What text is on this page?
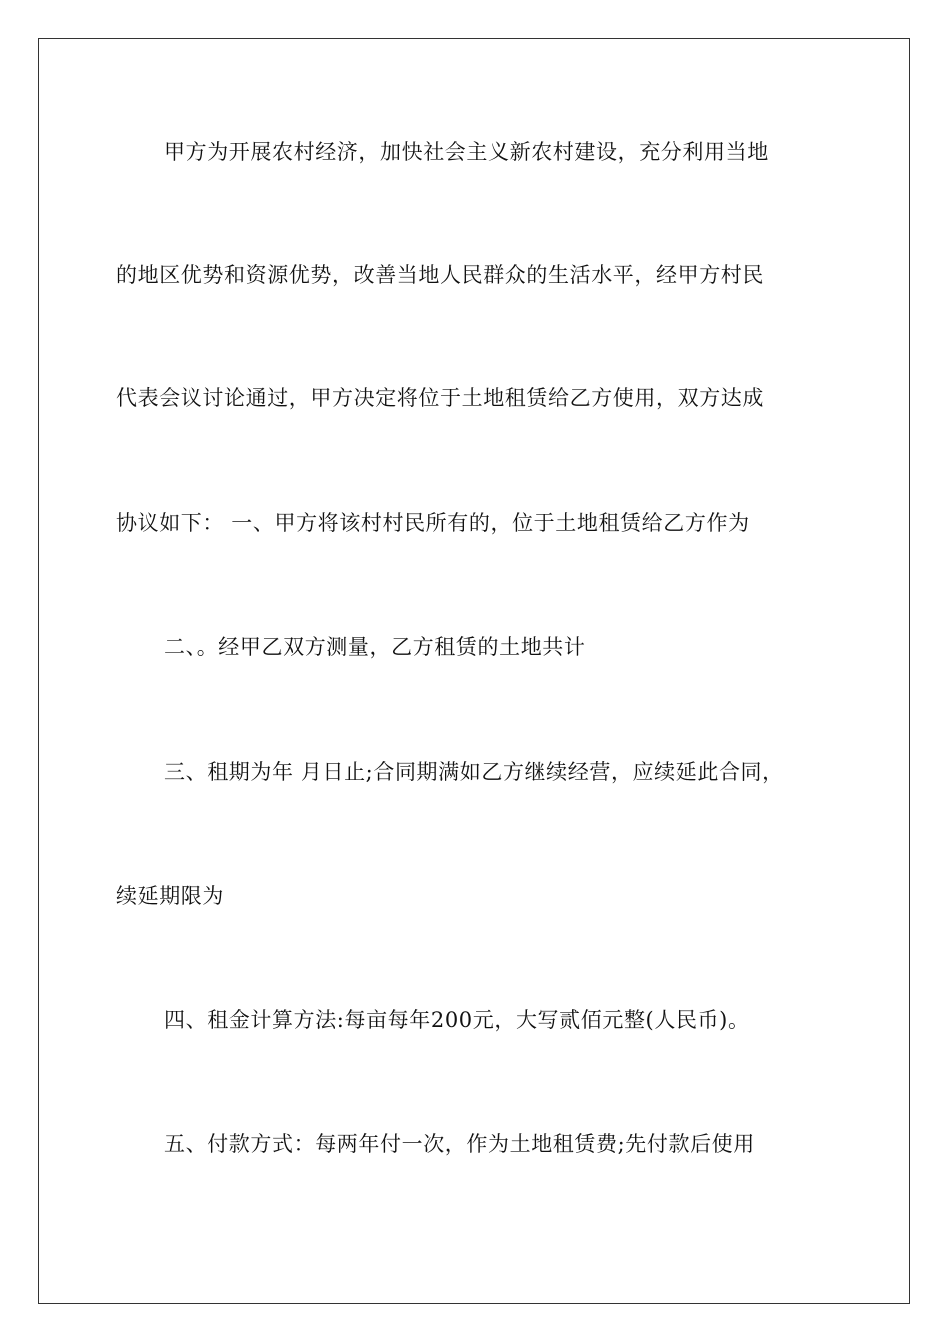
甲方为开展农村经济，加快社会主义新农村建设，充分利用当地
的地区优势和资源优势，改善当地人民群众的生活水平，经甲方村民
代表会议讨论通过，甲方决定将位于土地租赁给乙方使用，双方达成
协议如下： 一、甲方将该村村民所有的，位于土地租赁给乙方作为
二、。经甲乙双方测量，乙方租赁的土地共计
三、租期为年 月日止;合同期满如乙方继续经营，应续延此合同，
续延期限为
四、租金计算方法:每亩每年200元，大写贰佰元整(人民币)。
五、付款方式：每两年付一次，作为土地租赁费;先付款后使用
